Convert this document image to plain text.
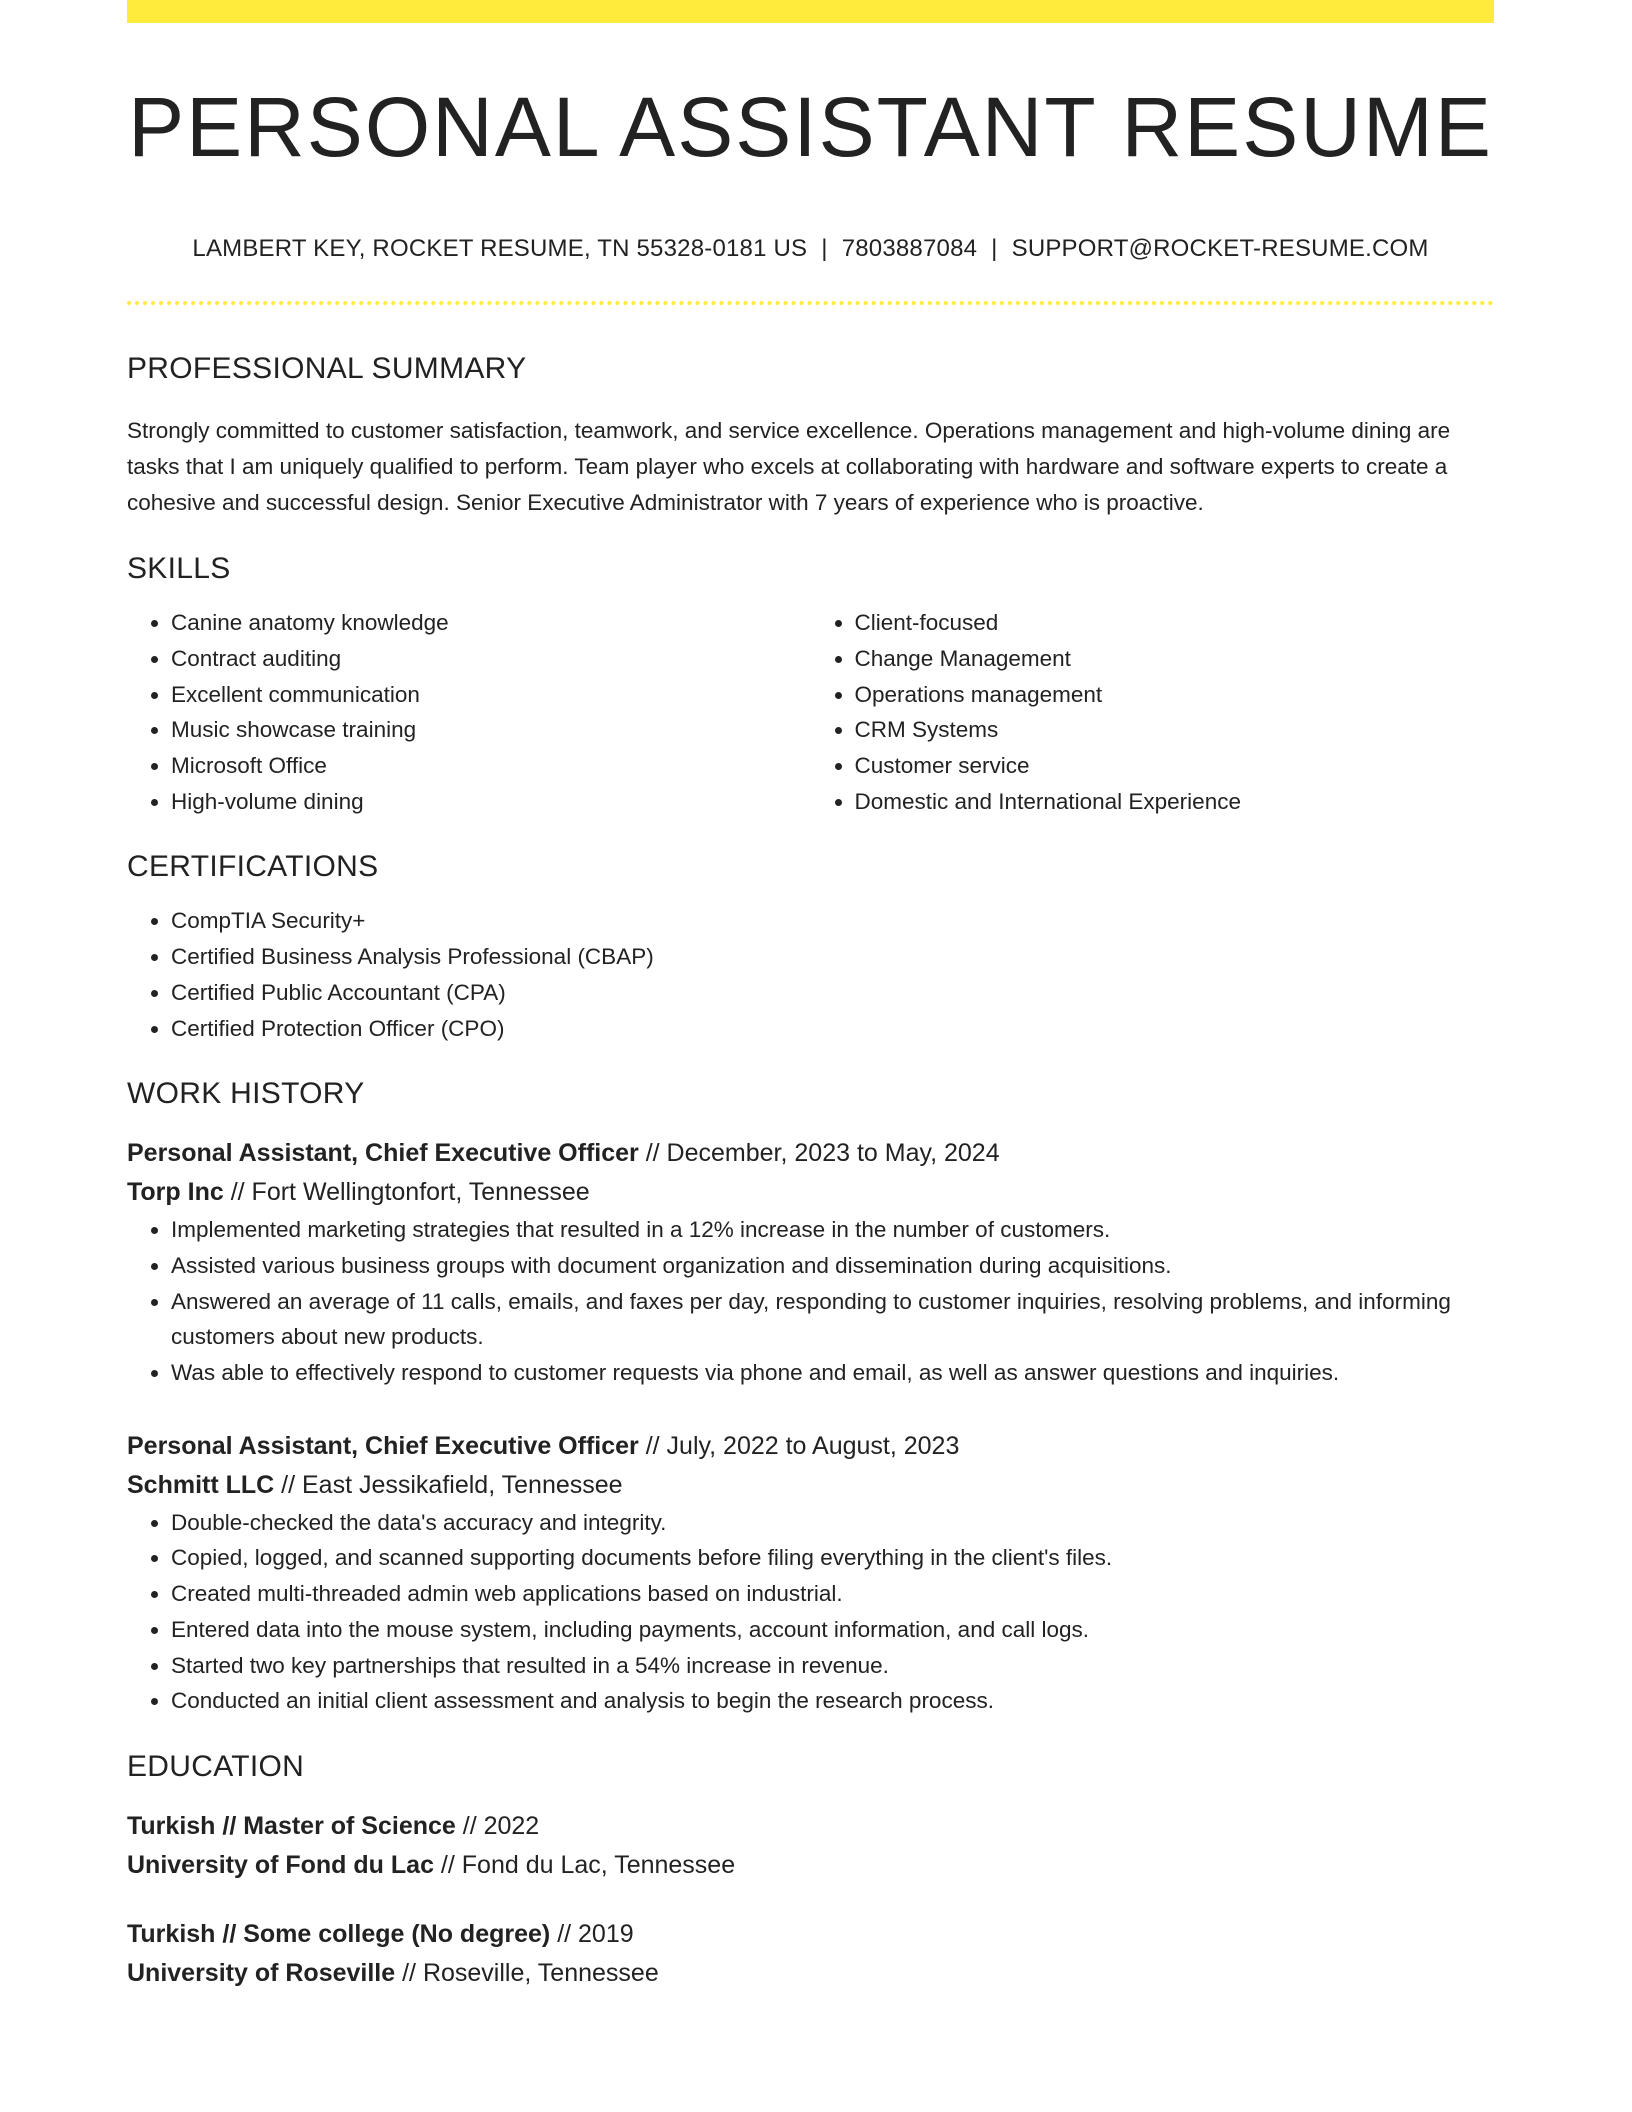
PERSONAL ASSISTANT RESUME
LAMBERT KEY, ROCKET RESUME, TN 55328-0181 US | 7803887084 | SUPPORT@ROCKET-RESUME.COM
PROFESSIONAL SUMMARY

Strongly committed to customer satisfaction, teamwork, and service excellence. Operations management and high-volume dining are tasks that I am uniquely qualified to perform. Team player who excels at collaborating with hardware and software experts to create a cohesive and successful design. Senior Executive Administrator with 7 years of experience who is proactive.

SKILLS
• Canine anatomy knowledge
• Contract auditing
• Excellent communication
• Music showcase training
• Microsoft Office
• High-volume dining
• Client-focused
• Change Management
• Operations management
• CRM Systems
• Customer service
• Domestic and International Experience
CERTIFICATIONS
• CompTIA Security+
• Certified Business Analysis Professional (CBAP)
• Certified Public Accountant (CPA)
• Certified Protection Officer (CPO)
WORK HISTORY
Personal Assistant, Chief Executive Officer // December, 2023 to May, 2024
Torp Inc // Fort Wellingtonfort, Tennessee
• Implemented marketing strategies that resulted in a 12% increase in the number of customers.
• Assisted various business groups with document organization and dissemination during acquisitions.
• Answered an average of 11 calls, emails, and faxes per day, responding to customer inquiries, resolving problems, and informing customers about new products.
• Was able to effectively respond to customer requests via phone and email, as well as answer questions and inquiries.
Personal Assistant, Chief Executive Officer // July, 2022 to August, 2023
Schmitt LLC // East Jessikafield, Tennessee
• Double-checked the data's accuracy and integrity.
• Copied, logged, and scanned supporting documents before filing everything in the client's files.
• Created multi-threaded admin web applications based on industrial.
• Entered data into the mouse system, including payments, account information, and call logs.
• Started two key partnerships that resulted in a 54% increase in revenue.
• Conducted an initial client assessment and analysis to begin the research process.
EDUCATION
Turkish // Master of Science // 2022
University of Fond du Lac // Fond du Lac, Tennessee
Turkish // Some college (No degree) // 2019
University of Roseville // Roseville, Tennessee
